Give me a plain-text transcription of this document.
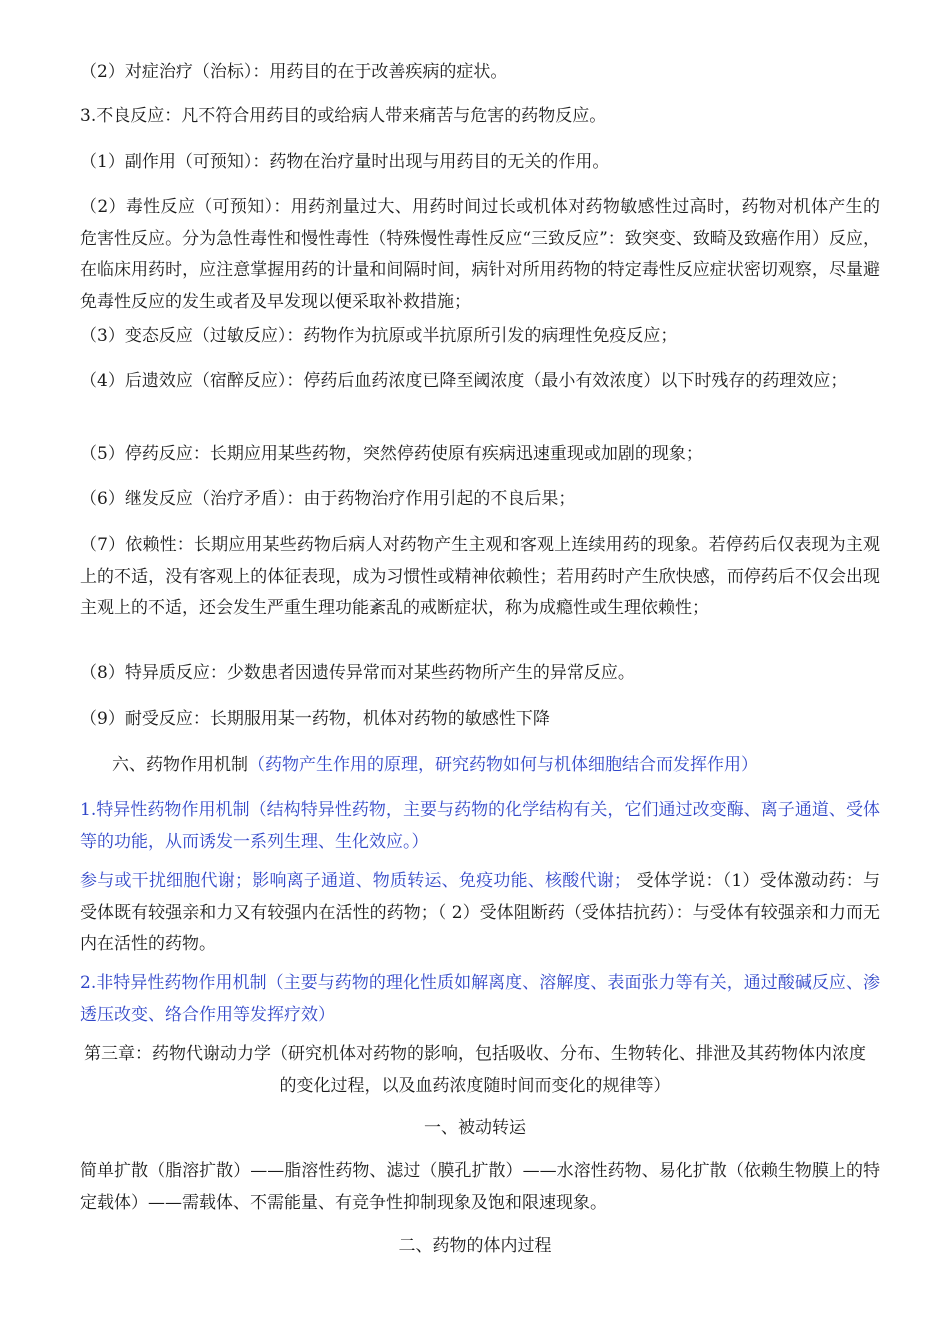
（2）对症治疗（治标）：用药目的在于改善疾病的症状。

3.不良反应：凡不符合用药目的或给病人带来痛苦与危害的药物反应。

（1）副作用（可预知）：药物在治疗量时出现与用药目的无关的作用。

（2）毒性反应（可预知）：用药剂量过大、用药时间过长或机体对药物敏感性过高时，药物对机体产生的危害性反应。分为急性毒性和慢性毒性（特殊慢性毒性反应“三致反应”：致突变、致畸及致癌作用）反应，在临床用药时，应注意掌握用药的计量和间隔时间，病针对所用药物的特定毒性反应症状密切观察，尽量避免毒性反应的发生或者及早发现以便采取补救措施；

（3）变态反应（过敏反应）：药物作为抗原或半抗原所引发的病理性免疫反应；

（4）后遗效应（宿醉反应）：停药后血药浓度已降至阈浓度（最小有效浓度）以下时残存的药理效应；

（5）停药反应：长期应用某些药物，突然停药使原有疾病迅速重现或加剧的现象；

（6）继发反应（治疗矛盾）：由于药物治疗作用引起的不良后果；

（7）依赖性：长期应用某些药物后病人对药物产生主观和客观上连续用药的现象。若停药后仅表现为主观上的不适，没有客观上的体征表现，成为习惯性或精神依赖性；若用药时产生欣快感，而停药后不仅会出现主观上的不适，还会发生严重生理功能紊乱的戒断症状，称为成瘾性或生理依赖性；

（8）特异质反应：少数患者因遗传异常而对某些药物所产生的异常反应。

（9）耐受反应：长期服用某一药物，机体对药物的敏感性下降

六、药物作用机制（药物产生作用的原理，研究药物如何与机体细胞结合而发挥作用）

1.特异性药物作用机制（结构特异性药物，主要与药物的化学结构有关，它们通过改变酶、离子通道、受体等的功能，从而诱发一系列生理、生化效应。）

参与或干扰细胞代谢；影响离子通道、物质转运、免疫功能、核酸代谢； 受体学说：（1）受体激动药：与受体既有较强亲和力又有较强内在活性的药物；（ 2）受体阻断药（受体拮抗药）：与受体有较强亲和力而无内在活性的药物。

2.非特异性药物作用机制（主要与药物的理化性质如解离度、溶解度、表面张力等有关，通过酸碱反应、渗透压改变、络合作用等发挥疗效）

第三章：药物代谢动力学（研究机体对药物的影响，包括吸收、分布、生物转化、排泄及其药物体内浓度的变化过程，以及血药浓度随时间而变化的规律等）

一、被动转运

简单扩散（脂溶扩散）——脂溶性药物、滤过（膜孔扩散）——水溶性药物、易化扩散（依赖生物膜上的特定载体）——需载体、不需能量、有竞争性抑制现象及饱和限速现象。

二、药物的体内过程
